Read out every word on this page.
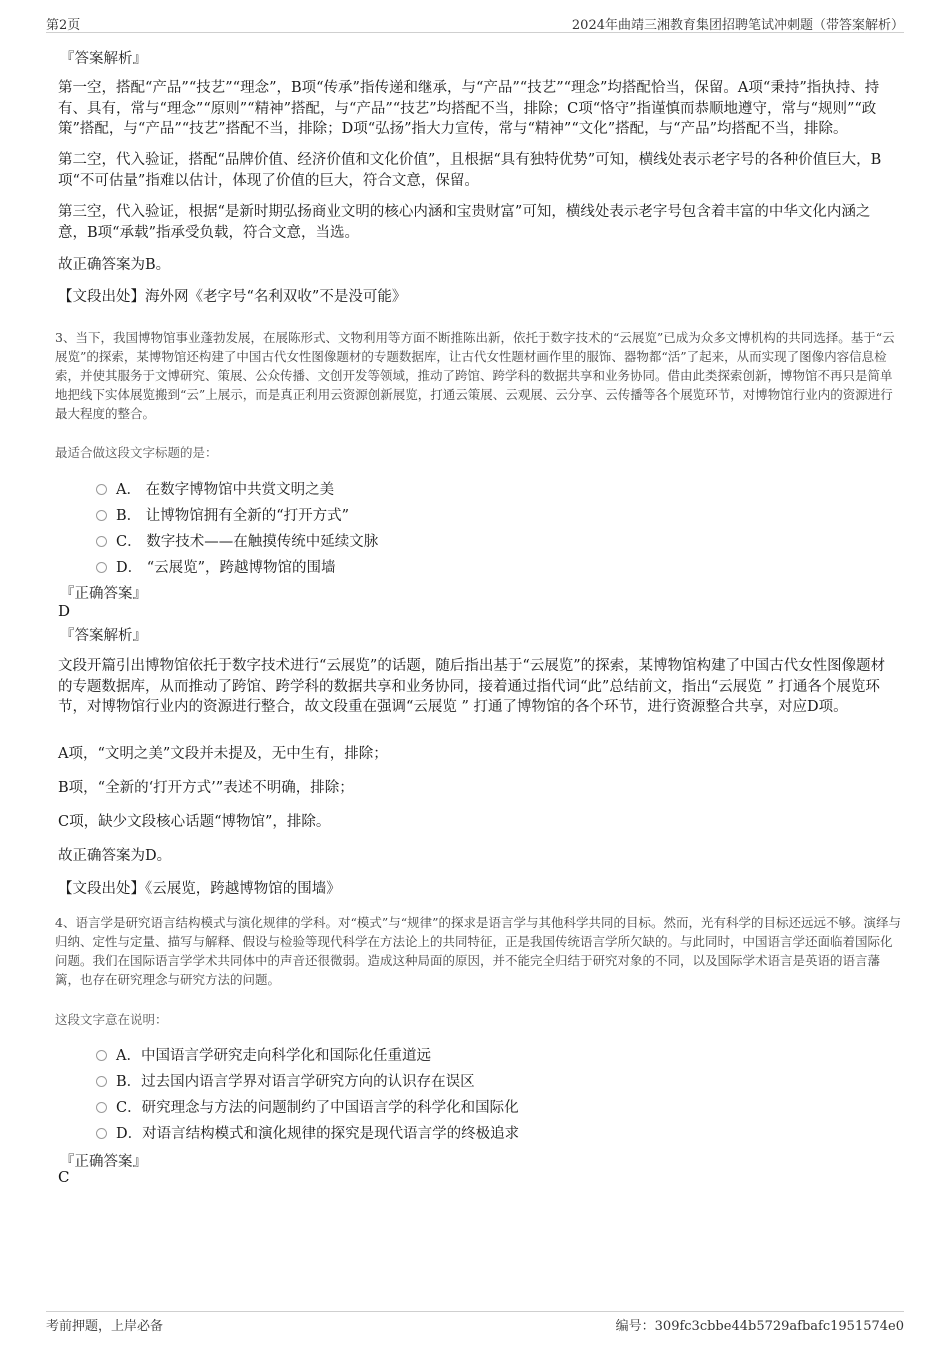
第2页	2024年曲靖三湘教育集团招聘笔试冲刺题（带答案解析）
『答案解析』

第一空，搭配“产品”“技艺”“理念”，B项“传承”指传递和继承，与“产品”“技艺”“理念”均搭配恰当，保留。A项“秉持”指执持、持有、具有，常与“理念”“原则”“精神”搭配，与“产品”“技艺”均搭配不当，排除；C项“恪守”指谨慎而恭顺地遵守，常与“规则”“政策”搭配，与“产品”“技艺”搭配不当，排除；D项“弘扬”指大力宣传，常与“精神”“文化”搭配，与“产品”均搭配不当，排除。

第二空，代入验证，搭配“品牌价值、经济价值和文化价值”，且根据“具有独特优势”可知，横线处表示老字号的各种价值巨大，B项“不可估量”指难以估计，体现了价值的巨大，符合文意，保留。

第三空，代入验证，根据“是新时期弘扬商业文明的核心内涵和宝贵财富”可知，横线处表示老字号包含着丰富的中华文化内涵之意，B项“承载”指承受负载，符合文意，当选。

故正确答案为B。

【文段出处】海外网《老字号“名利双收”不是没可能》

3、当下，我国博物馆事业蓬勃发展，在展陈形式、文物利用等方面不断推陈出新，依托于数字技术的“云展览”已成为众多文博机构的共同选择。基于“云展览”的探索，某博物馆还构建了中国古代女性图像题材的专题数据库，让古代女性题材画作里的服饰、器物都“活”了起来，从而实现了图像内容信息检索，并使其服务于文博研究、策展、公众传播、文创开发等领域，推动了跨馆、跨学科的数据共享和业务协同。借由此类探索创新，博物馆不再只是简单地把线下实体展览搬到“云”上展示，而是真正利用云资源创新展览，打通云策展、云观展、云分享、云传播等各个展览环节，对博物馆行业内的资源进行最大程度的整合。

最适合做这段文字标题的是：
A． 在数字博物馆中共赏文明之美
B． 让博物馆拥有全新的“打开方式”
C． 数字技术——在触摸传统中延续文脉
D． “云展览”，跨越博物馆的围墙
『正确答案』
D
『答案解析』

文段开篇引出博物馆依托于数字技术进行“云展览”的话题，随后指出基于“云展览”的探索，某博物馆构建了中国古代女性图像题材的专题数据库，从而推动了跨馆、跨学科的数据共享和业务协同，接着通过指代词“此”总结前文，指出“云展览 ” 打通各个展览环节，对博物馆行业内的资源进行整合，故文段重在强调“云展览 ” 打通了博物馆的各个环节，进行资源整合共享，对应D项。

A项，“文明之美”文段并未提及，无中生有，排除；

B项，“全新的‘打开方式’”表述不明确，排除；

C项，缺少文段核心话题“博物馆”，排除。

故正确答案为D。

【文段出处】《云展览，跨越博物馆的围墙》

4、语言学是研究语言结构模式与演化规律的学科。对“模式”与“规律”的探求是语言学与其他科学共同的目标。然而，光有科学的目标还远远不够。演绎与归纳、定性与定量、描写与解释、假设与检验等现代科学在方法论上的共同特征，正是我国传统语言学所欠缺的。与此同时，中国语言学还面临着国际化问题。我们在国际语言学学术共同体中的声音还很微弱。造成这种局面的原因，并不能完全归结于研究对象的不同，以及国际学术语言是英语的语言藩篱，也存在研究理念与研究方法的问题。

这段文字意在说明：
A．中国语言学研究走向科学化和国际化任重道远
B．过去国内语言学界对语言学研究方向的认识存在误区
C．研究理念与方法的问题制约了中国语言学的科学化和国际化
D．对语言结构模式和演化规律的探究是现代语言学的终极追求
『正确答案』
C
考前押题，上岸必备	编号：309fc3cbbe44b5729afbafc1951574e0
